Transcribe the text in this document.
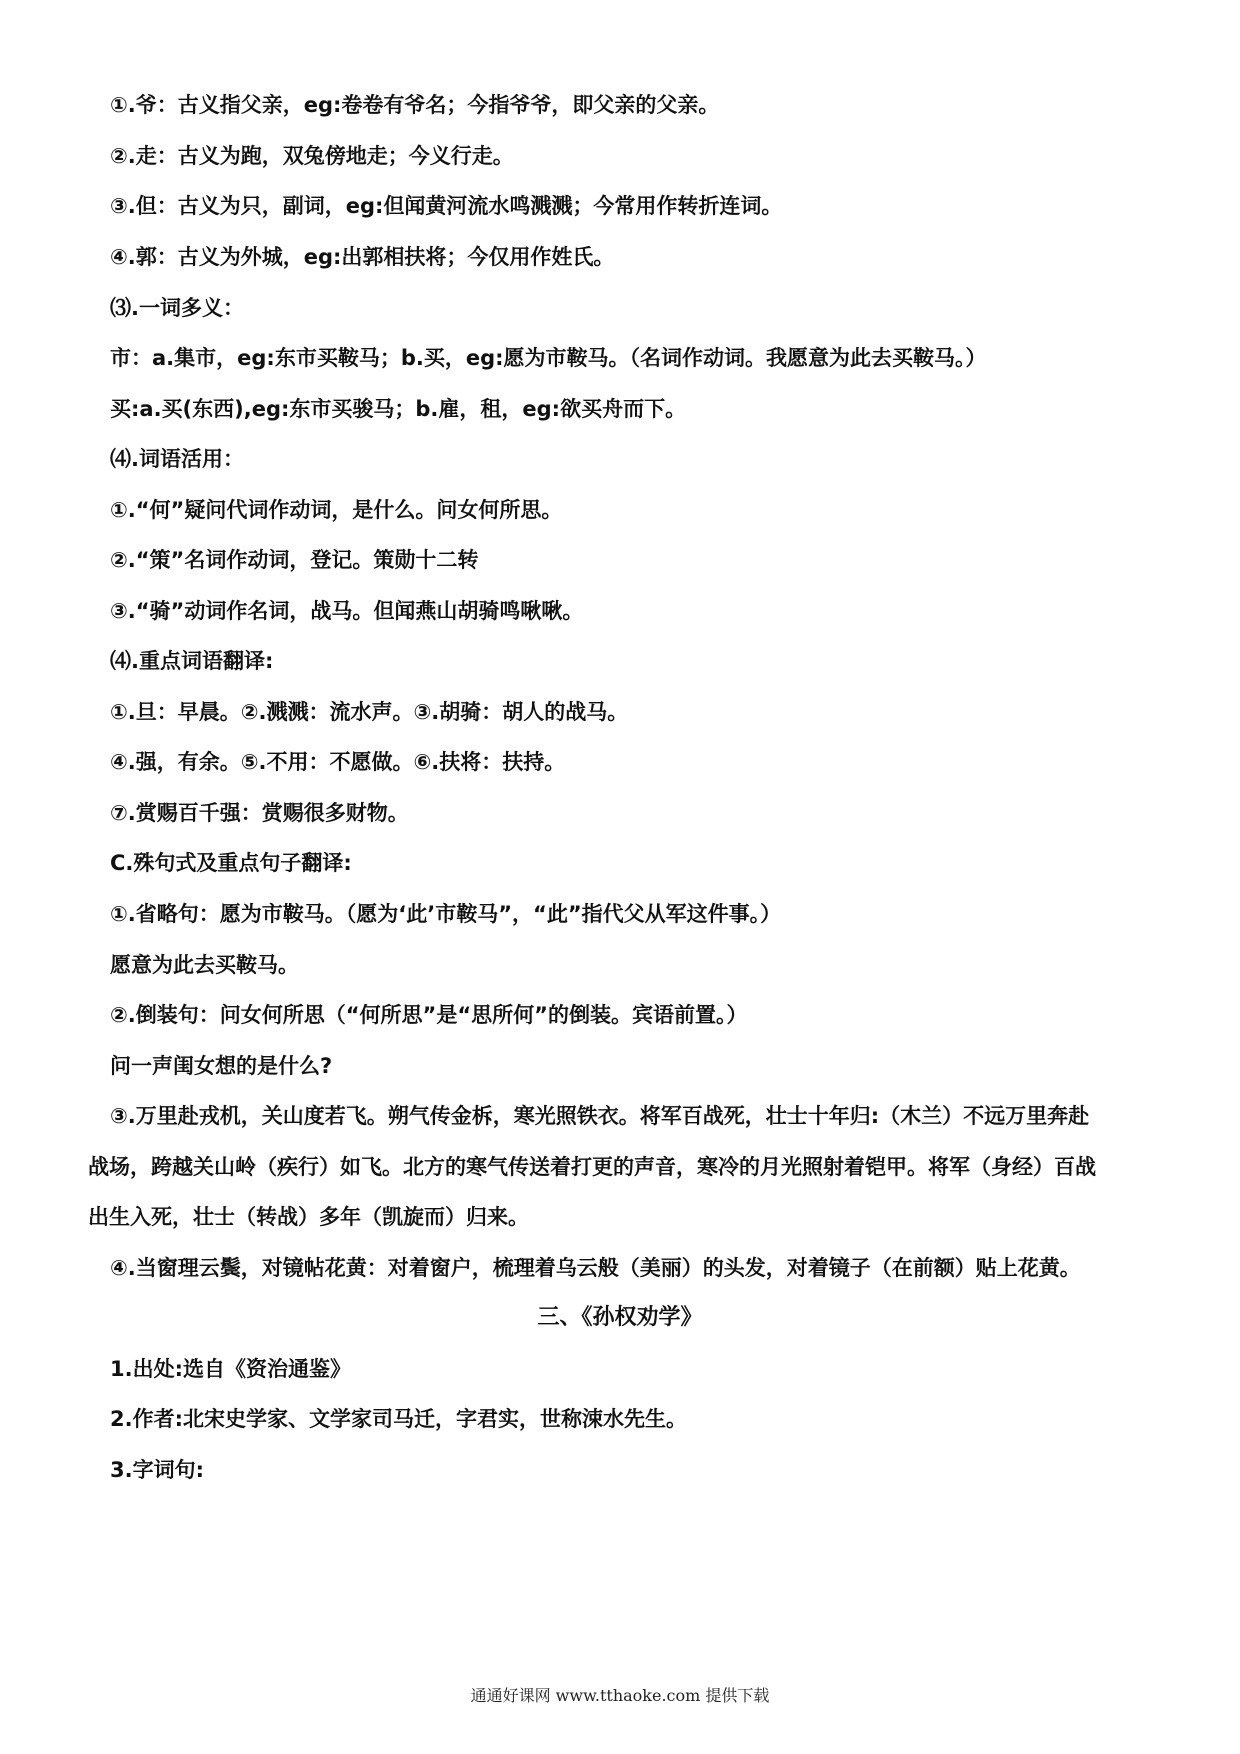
①.爷：古义指父亲，eg:卷卷有爷名；今指爷爷，即父亲的父亲。
②.走：古义为跑，双兔傍地走；今义行走。
③.但：古义为只，副词，eg:但闻黄河流水鸣溅溅；今常用作转折连词。
④.郭：古义为外城，eg:出郭相扶将；今仅用作姓氏。
⑶.一词多义：
市：a.集市，eg:东市买鞍马；b.买，eg:愿为市鞍马。（名词作动词。我愿意为此去买鞍马。）
买:a.买(东西),eg:东市买骏马；b.雇，租，eg:欲买舟而下。
⑷.词语活用：
①.“何”疑问代词作动词，是什么。问女何所思。
②.“策”名词作动词，登记。策勋十二转
③.“骑”动词作名词，战马。但闻燕山胡骑鸣啾啾。
⑷.重点词语翻译:
①.旦：早晨。②.溅溅：流水声。③.胡骑：胡人的战马。
④.强，有余。⑤.不用：不愿做。⑥.扶将：扶持。
⑦.赏赐百千强：赏赐很多财物。
C.殊句式及重点句子翻译:
①.省略句：愿为市鞍马。（愿为‘此’市鞍马”，“此”指代父从军这件事。）
愿意为此去买鞍马。
②.倒装句：问女何所思（“何所思”是“思所何”的倒装。宾语前置。）
问一声闺女想的是什么?
③.万里赴戎机，关山度若飞。朔气传金柝，寒光照铁衣。将军百战死，壮士十年归:（木兰）不远万里奔赴
战场，跨越关山岭（疾行）如飞。北方的寒气传送着打更的声音，寒冷的月光照射着铠甲。将军（身经）百战
出生入死，壮士（转战）多年（凯旋而）归来。
④.当窗理云鬓，对镜帖花黄：对着窗户，梳理着乌云般（美丽）的头发，对着镜子（在前额）贴上花黄。
三、《孙权劝学》
1.出处:选自《资治通鉴》
2.作者:北宋史学家、文学家司马迁，字君实，世称涑水先生。
3.字词句:
通通好课网 www.tthaoke.com 提供下载
